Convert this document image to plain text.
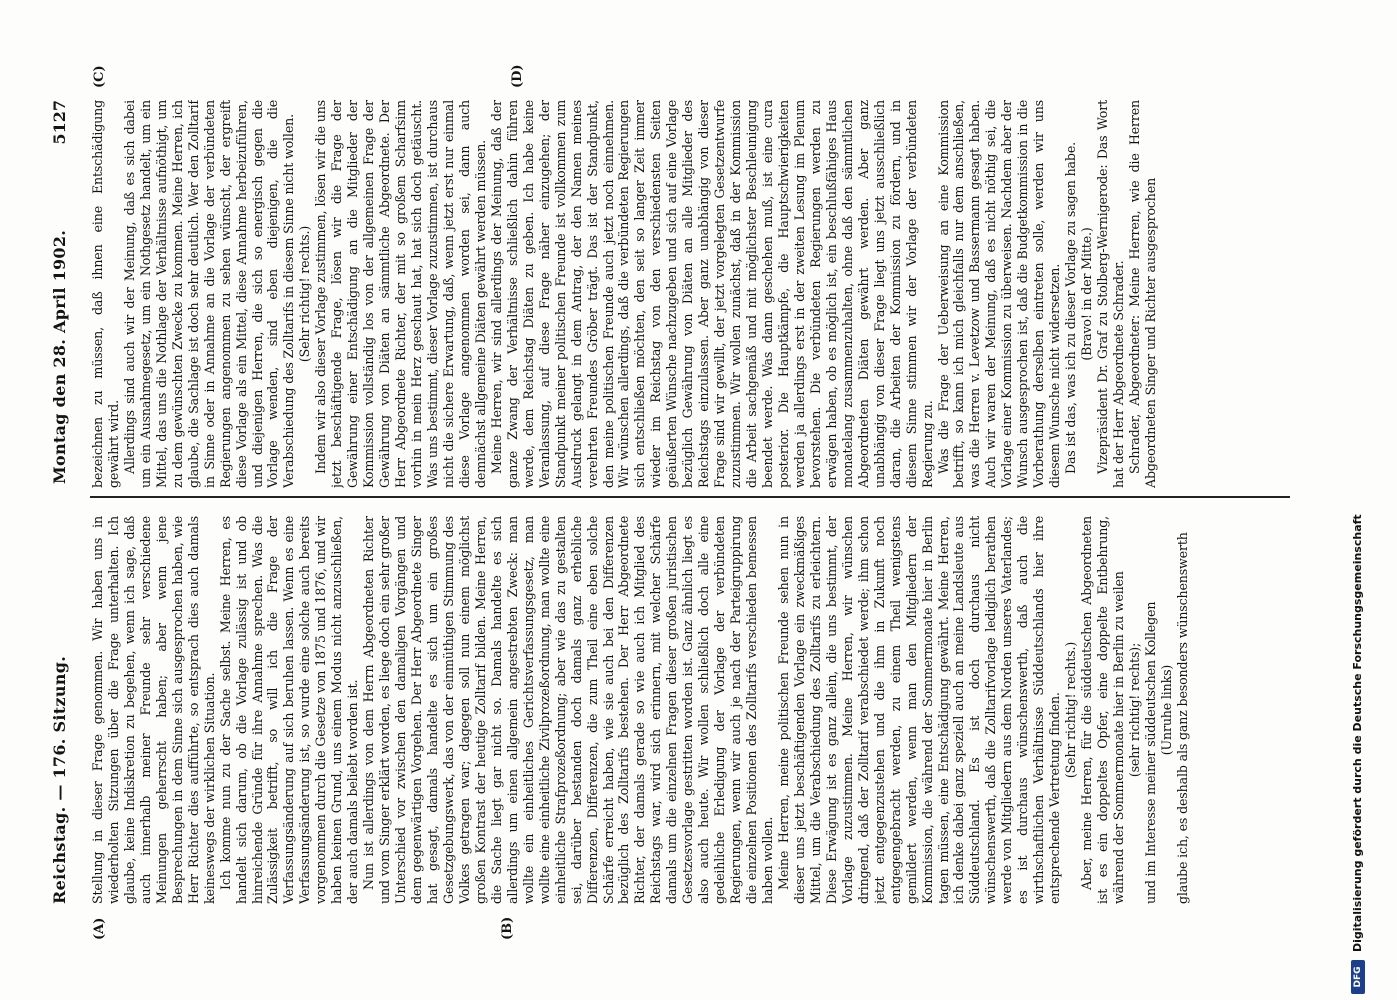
Reichstag. — 176. Sitzung.
Montag den 28. April 1902.
5127
(A)	(B)
(C)	(D)

Stellung in dieser Frage genommen. Wir haben uns in wiederholten Sitzungen über die Frage unterhalten. Ich glaube, keine Indiskretion zu begehen, wenn ich sage, daß auch innerhalb meiner Freunde sehr verschiedene Meinungen geherrscht haben; aber wenn jene Besprechungen in dem Sinne sich ausgesprochen haben, wie Herr Richter dies aufführte, so entsprach dies auch damals keineswegs der wirklichen Situation. Ich komme nun zu der Sache selbst. Meine Herren, es handelt sich darum, ob die Vorlage zulässig ist und ob hinreichende Gründe für ihre Annahme sprechen. Was die Zulässigkeit betrifft, so will ich die Frage der Verfassungsänderung auf sich beruhen lassen. Wenn es eine Verfassungsänderung ist, so wurde eine solche auch bereits vorgenommen durch die Gesetze von 1875 und 1876, und wir haben keinen Grund, uns einem Modus nicht anzuschließen, der auch damals beliebt worden ist. Nun ist allerdings von dem Herrn Abgeordneten Richter und vom Singer erklärt worden, es liege doch ein sehr großer Unterschied vor zwischen den damaligen Vorgängen und dem gegenwärtigen Vorgehen. Der Herr Abgeordnete Singer hat gesagt, damals handelte es sich um ein großes Gesetzgebungswerk, das von der einmüthigen Stimmung des Volkes getragen war; dagegen soll nun einem möglichst großen Kontrast der heutige Zolltarif bilden. Meine Herren, die Sache liegt gar nicht so. Damals handelte es sich allerdings um einen allgemein angestrebten Zweck: man wollte ein einheitliches Gerichtsverfassungsgesetz, man wollte eine einheitliche Zivilprozeßordnung, man wollte eine einheitliche Strafprozeßordnung; aber wie das zu gestalten sei, darüber bestanden doch damals ganz erhebliche Differenzen, Differenzen, die zum Theil eine eben solche Schärfe erreicht haben, wie sie auch bei den Differenzen bezüglich des Zolltarifs bestehen. Der Herr Abgeordnete Richter, der damals gerade so wie auch ich Mitglied des Reichstags war, wird sich erinnern, mit welcher Schärfe damals um die einzelnen Fragen dieser großen juristischen Gesetzesvorlage gestritten worden ist. Ganz ähnlich liegt es also auch heute. Wir wollen schließlich doch alle eine gedeihliche Erledigung der Vorlage der verbündeten Regierungen, wenn wir auch je nach der Parteigruppirung die einzelnen Positionen des Zolltarifs verschieden bemessen haben wollen. Meine Herren, meine politischen Freunde sehen nun in dieser uns jetzt beschäftigenden Vorlage ein zweckmäßiges Mittel, um die Verabschiedung des Zolltarifs zu erleichtern. Diese Erwägung ist es ganz allein, die uns bestimmt, der Vorlage zuzustimmen. Meine Herren, wir wünschen dringend, daß der Zolltarif verabschiedet werde; ihm schon jetzt entgegenzustehen und die ihm in Zukunft noch entgegengebracht werden, zu einem Theil wenigstens gemildert werden, wenn man den Mitgliedern der Kommission, die während der Sommermonate hier in Berlin tagen müssen, eine Entschädigung gewährt. Meine Herren, ich denke dabei ganz speziell auch an meine Landsleute aus Süddeutschland. Es ist doch durchaus nicht wünschenswerth, daß die Zolltarifvorlage lediglich berathen werde von Mitgliedern aus dem Norden unseres Vaterlandes; es ist durchaus wünschenswerth, daß auch die wirthschaftlichen Verhältnisse Süddeutschlands hier ihre entsprechende Vertretung finden. (Sehr richtig! rechts.) Aber, meine Herren, für die süddeutschen Abgeordneten ist es ein doppeltes Opfer, eine doppelte Entbehrung, während der Sommermonate hier in Berlin zu weilen (sehr richtig! rechts); und im Interesse meiner süddeutschen Kollegen (Unruhe links) glaube ich, es deshalb als ganz besonders wünschenswerth

bezeichnen zu müssen, daß ihnen eine Entschädigung gewährt wird. Allerdings sind auch wir der Meinung, daß es sich dabei um ein Ausnahmegesetz, um ein Nothgesetz handelt, um ein Mittel, das uns die Nothlage der Verhältnisse aufnöthigt, um zu dem gewünschten Zwecke zu kommen. Meine Herren, ich glaube, die Sachlage ist doch sehr deutlich. Wer den Zolltarif in Sinne oder in Annahme an die Vorlage der verbündeten Regierungen angenommen zu sehen wünscht, der ergreift diese Vorlage als ein Mittel, diese Annahme herbeizuführen, und diejenigen Herren, die sich so energisch gegen die Vorlage wenden, sind eben diejenigen, die die Verabschiedung des Zolltarifs in diesem Sinne nicht wollen. (Sehr richtig! rechts.) Indem wir also dieser Vorlage zustimmen, lösen wir die uns jetzt beschäftigende Frage, lösen wir die Frage der Gewährung einer Entschädigung an die Mitglieder der Kommission vollständig los von der allgemeinen Frage der Gewährung von Diäten an sämmtliche Abgeordnete. Der Herr Abgeordnete Richter, der mit so großem Scharfsinn vorhin in mein Herz geschaut hat, hat sich doch getäuscht. Was uns bestimmt, dieser Vorlage zuzustimmen, ist durchaus nicht die sichere Erwartung, daß, wenn jetzt erst nur einmal diese Vorlage angenommen worden sei, dann auch demnächst allgemeine Diäten gewährt werden müssen. Meine Herren, wir sind allerdings der Meinung, daß der ganze Zwang der Verhältnisse schließlich dahin führen werde, dem Reichstag Diäten zu geben. Ich habe keine Veranlassung, auf diese Frage näher einzugehen; der Standpunkt meiner politischen Freunde ist vollkommen zum Ausdruck gelangt in dem Antrag, der den Namen meines verehrten Freundes Gröber trägt. Das ist der Standpunkt, den meine politischen Freunde auch jetzt noch einnehmen. Wir wünschen allerdings, daß die verbündeten Regierungen sich entschließen möchten, den seit so langer Zeit immer wieder im Reichstag von den verschiedensten Seiten geäußerten Wünsche nachzugeben und sich auf eine Vorlage bezüglich Gewährung von Diäten an alle Mitglieder des Reichstags einzulassen. Aber ganz unabhängig von dieser Frage sind wir gewillt, der jetzt vorgelegten Gesetzentwurfe zuzustimmen. Wir wollen zunächst, daß in der Kommission die Arbeit sachgemäß und mit möglichster Beschleunigung beendet werde. Was dann geschehen muß, ist eine cura posterior. Die Hauptkämpfe, die Hauptschwierigkeiten werden ja allerdings erst in der zweiten Lesung im Plenum bevorstehen. Die verbündeten Regierungen werden zu erwägen haben, ob es möglich ist, ein beschlußfähiges Haus monatelang zusammenzuhalten, ohne daß den sämmtlichen Abgeordneten Diäten gewährt werden. Aber ganz unabhängig von dieser Frage liegt uns jetzt ausschließlich daran, die Arbeiten der Kommission zu fördern, und in diesem Sinne stimmen wir der Vorlage der verbündeten Regierung zu. Was die Frage der Ueberweisung an eine Kommission betrifft, so kann ich mich gleichfalls nur dem anschließen, was die Herren v. Levetzow und Bassermann gesagt haben. Auch wir waren der Meinung, daß es nicht nöthig sei, die Vorlage einer Kommission zu überweisen. Nachdem aber der Wunsch ausgesprochen ist, daß die Budgetkommission in die Vorberathung derselben eintreten solle, werden wir uns diesem Wunsche nicht widersetzen. Das ist das, was ich zu dieser Vorlage zu sagen habe. (Bravo! in der Mitte.) Vizepräsident Dr. Graf zu Stolberg-Wernigerode: Das Wort hat der Herr Abgeordnete Schrader. Schrader, Abgeordneter: Meine Herren, wie die Herren Abgeordneten Singer und Richter ausgesprochen

DFG
Digitalisierung gefördert durch die Deutsche Forschungsgemeinschaft
